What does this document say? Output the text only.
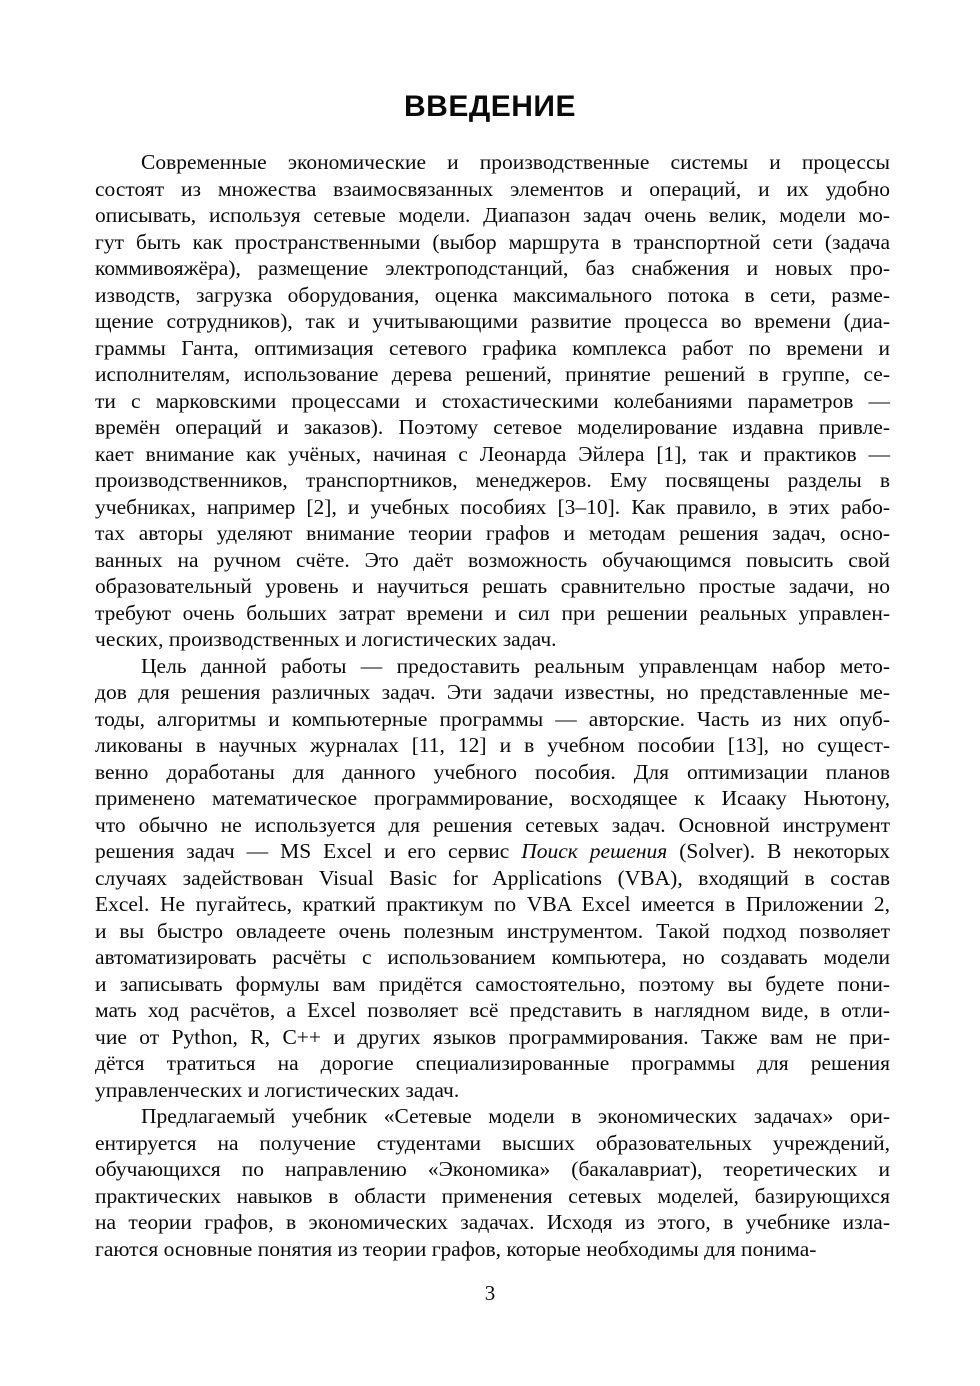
ВВЕДЕНИЕ
Современные экономические и производственные системы и процессы
состоят из множества взаимосвязанных элементов и операций, и их удобно
описывать, используя сетевые модели. Диапазон задач очень велик, модели мо-
гут быть как пространственными (выбор маршрута в транспортной сети (задача
коммивояжёра), размещение электроподстанций, баз снабжения и новых про-
изводств, загрузка оборудования, оценка максимального потока в сети, разме-
щение сотрудников), так и учитывающими развитие процесса во времени (диа-
граммы Ганта, оптимизация сетевого графика комплекса работ по времени и
исполнителям, использование дерева решений, принятие решений в группе, се-
ти с марковскими процессами и стохастическими колебаниями параметров —
времён операций и заказов). Поэтому сетевое моделирование издавна привле-
кает внимание как учёных, начиная с Леонарда Эйлера [1], так и практиков —
производственников, транспортников, менеджеров. Ему посвящены разделы в
учебниках, например [2], и учебных пособиях [3–10]. Как правило, в этих рабо-
тах авторы уделяют внимание теории графов и методам решения задач, осно-
ванных на ручном счёте. Это даёт возможность обучающимся повысить свой
образовательный уровень и научиться решать сравнительно простые задачи, но
требуют очень больших затрат времени и сил при решении реальных управлен-
ческих, производственных и логистических задач.
Цель данной работы — предоставить реальным управленцам набор мето-
дов для решения различных задач. Эти задачи известны, но представленные ме-
тоды, алгоритмы и компьютерные программы — авторские. Часть из них опуб-
ликованы в научных журналах [11, 12] и в учебном пособии [13], но сущест-
венно доработаны для данного учебного пособия. Для оптимизации планов
применено математическое программирование, восходящее к Исааку Ньютону,
что обычно не используется для решения сетевых задач. Основной инструмент
решения задач — MS Excel и его сервис Поиск решения (Solver). В некоторых
случаях задействован Visual Basic for Applications (VBA), входящий в состав
Excel. Не пугайтесь, краткий практикум по VBA Excel имеется в Приложении 2,
и вы быстро овладеете очень полезным инструментом. Такой подход позволяет
автоматизировать расчёты с использованием компьютера, но создавать модели
и записывать формулы вам придётся самостоятельно, поэтому вы будете пони-
мать ход расчётов, а Excel позволяет всё представить в наглядном виде, в отли-
чие от Python, R, C++ и других языков программирования. Также вам не при-
дётся тратиться на дорогие специализированные программы для решения
управленческих и логистических задач.
Предлагаемый учебник «Сетевые модели в экономических задачах» ори-
ентируется на получение студентами высших образовательных учреждений,
обучающихся по направлению «Экономика» (бакалавриат), теоретических и
практических навыков в области применения сетевых моделей, базирующихся
на теории графов, в экономических задачах. Исходя из этого, в учебнике изла-
гаются основные понятия из теории графов, которые необходимы для понима-
3
